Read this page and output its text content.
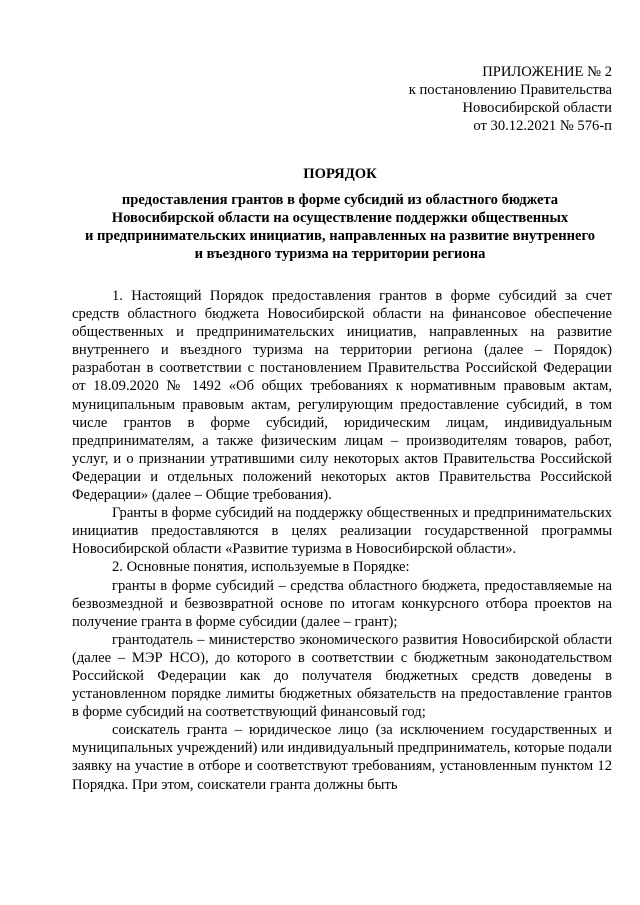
ПРИЛОЖЕНИЕ № 2
к постановлению Правительства
Новосибирской области
от 30.12.2021 № 576-п
ПОРЯДОК
предоставления грантов в форме субсидий из областного бюджета
Новосибирской области на осуществление поддержки общественных
и предпринимательских инициатив, направленных на развитие внутреннего
и въездного туризма на территории региона

1. Настоящий Порядок предоставления грантов в форме субсидий за счет средств областного бюджета Новосибирской области на финансовое обеспечение общественных и предпринимательских инициатив, направленных на развитие внутреннего и въездного туризма на территории региона (далее – Порядок) разработан в соответствии с постановлением Правительства Российской Федерации от 18.09.2020 № 1492 «Об общих требованиях к нормативным правовым актам, муниципальным правовым актам, регулирующим предоставление субсидий, в том числе грантов в форме субсидий, юридическим лицам, индивидуальным предпринимателям, а также физическим лицам – производителям товаров, работ, услуг, и о признании утратившими силу некоторых актов Правительства Российской Федерации и отдельных положений некоторых актов Правительства Российской Федерации» (далее – Общие требования).

Гранты в форме субсидий на поддержку общественных и предпринимательских инициатив предоставляются в целях реализации государственной программы Новосибирской области «Развитие туризма в Новосибирской области».

2. Основные понятия, используемые в Порядке:

гранты в форме субсидий – средства областного бюджета, предоставляемые на безвозмездной и безвозвратной основе по итогам конкурсного отбора проектов на получение гранта в форме субсидии (далее – грант);

грантодатель – министерство экономического развития Новосибирской области (далее – МЭР НСО), до которого в соответствии с бюджетным законодательством Российской Федерации как до получателя бюджетных средств доведены в установленном порядке лимиты бюджетных обязательств на предоставление грантов в форме субсидий на соответствующий финансовый год;

соискатель гранта – юридическое лицо (за исключением государственных и муниципальных учреждений) или индивидуальный предприниматель, которые подали заявку на участие в отборе и соответствуют требованиям, установленным пунктом 12 Порядка. При этом, соискатели гранта должны быть
